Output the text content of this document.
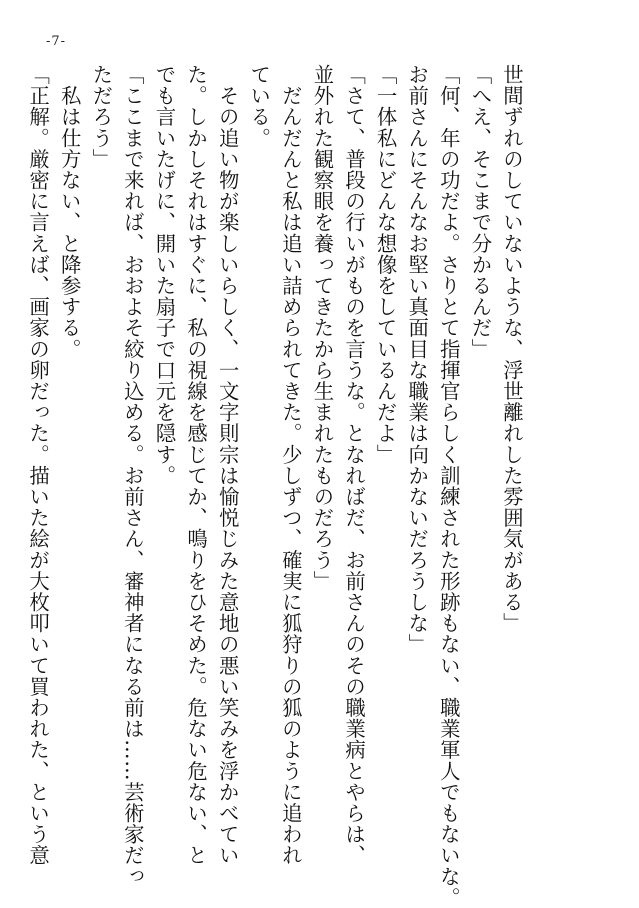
-7-
世間ずれのしていないような、浮世離れした雰囲気がある」
「へえ、そこまで分かるんだ」
「何、年の功だよ。さりとて指揮官らしく訓練された形跡もない、職業軍人でもないな。
お前さんにそんなお堅い真面目な職業は向かないだろうしな」
「一体私にどんな想像をしているんだよ」
「さて、普段の行いがものを言うな。となればだ、お前さんのその職業病とやらは、
並外れた観察眼を養ってきたから生まれたものだろう」
　だんだんと私は追い詰められてきた。少しずつ、確実に狐狩りの狐のように追われ
ている。
　その追い物が楽しいらしく、一文字則宗は愉悦じみた意地の悪い笑みを浮かべてい
た。しかしそれはすぐに、私の視線を感じてか、鳴りをひそめた。危ない危ない、と
でも言いたげに、開いた扇子で口元を隠す。
「ここまで来れば、おおよそ絞り込める。お前さん、審神者になる前は……芸術家だっ
ただろう」
　私は仕方ない、と降参する。
「正解。厳密に言えば、画家の卵だった。描いた絵が大枚叩いて買われた、という意
